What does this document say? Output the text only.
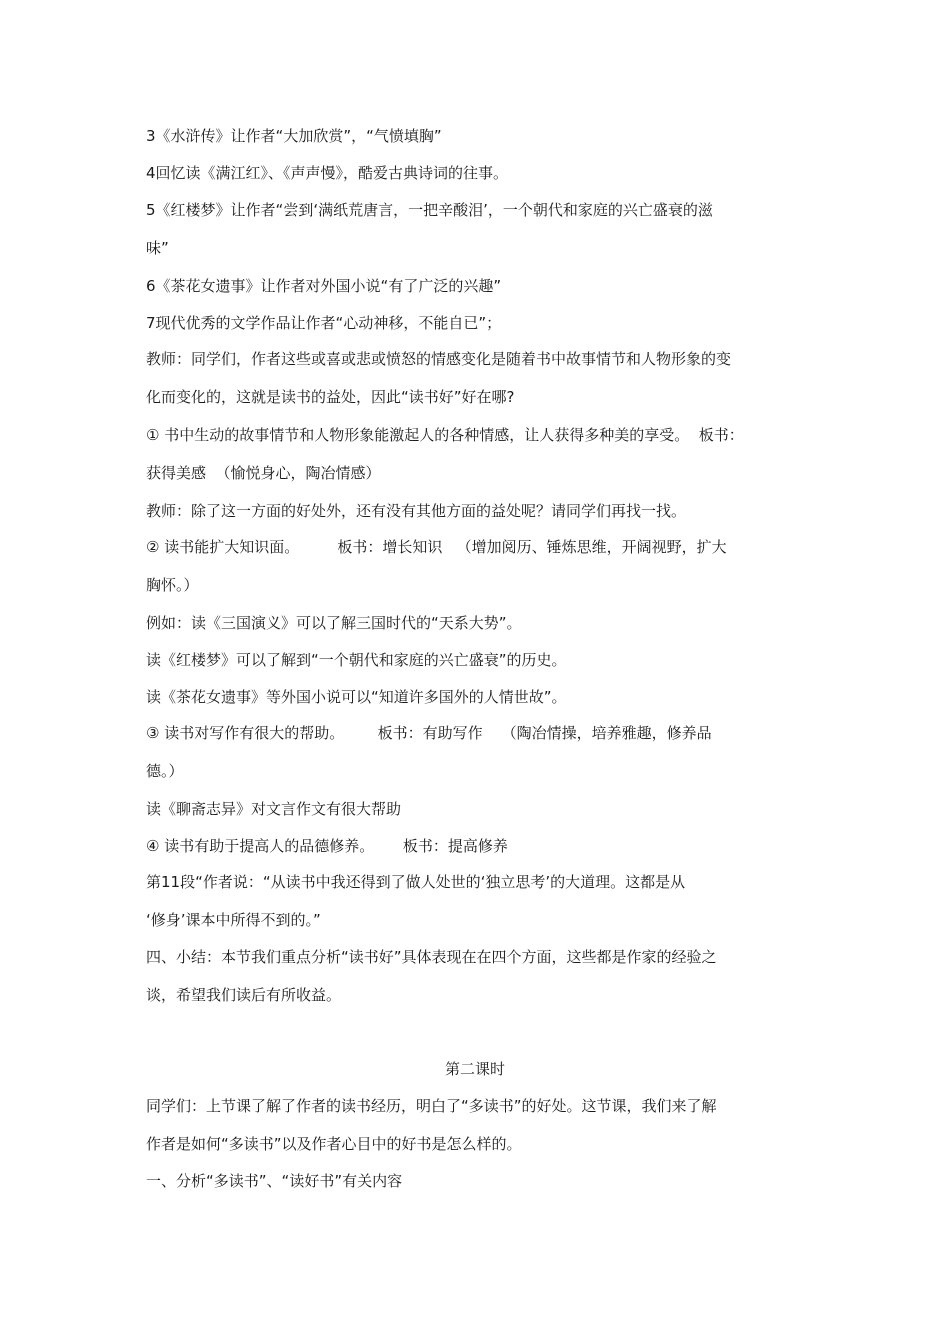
3《水浒传》让作者“大加欣赏”，“气愤填胸”
4回忆读《满江红》、《声声慢》，酷爱古典诗词的往事。
5《红楼梦》让作者“尝到‘满纸荒唐言，一把辛酸泪’，一个朝代和家庭的兴亡盛衰的滋
味”
6《茶花女遗事》让作者对外国小说“有了广泛的兴趣”
7现代优秀的文学作品让作者“心动神移，不能自已”；
教师：同学们，作者这些或喜或悲或愤怒的情感变化是随着书中故事情节和人物形象的变
化而变化的，这就是读书的益处，因此“读书好”好在哪?
① 书中生动的故事情节和人物形象能激起人的各种情感，让人获得多种美的享受。  板书：
获得美感  （愉悦身心，陶冶情感）
教师：除了这一方面的好处外，还有没有其他方面的益处呢？请同学们再找一找。
② 读书能扩大知识面。        板书：增长知识   （增加阅历、锤炼思维，开阔视野，扩大
胸怀。）
例如：读《三国演义》可以了解三国时代的“天系大势”。
读《红楼梦》可以了解到“一个朝代和家庭的兴亡盛衰”的历史。
读《茶花女遗事》等外国小说可以“知道许多国外的人情世故”。
③ 读书对写作有很大的帮助。       板书：有助写作    （陶冶情操，培养雅趣，修养品
德。）
读《聊斋志异》对文言作文有很大帮助
④ 读书有助于提高人的品德修养。      板书：提高修养
第11段“作者说：“从读书中我还得到了做人处世的‘独立思考’的大道理。这都是从
‘修身’课本中所得不到的。”
四、小结：本节我们重点分析“读书好”具体表现在在四个方面，这些都是作家的经验之
谈，希望我们读后有所收益。
第二课时
同学们：上节课了解了作者的读书经历，明白了“多读书”的好处。这节课，我们来了解
作者是如何“多读书”以及作者心目中的好书是怎么样的。
一、分析“多读书”、“读好书”有关内容
